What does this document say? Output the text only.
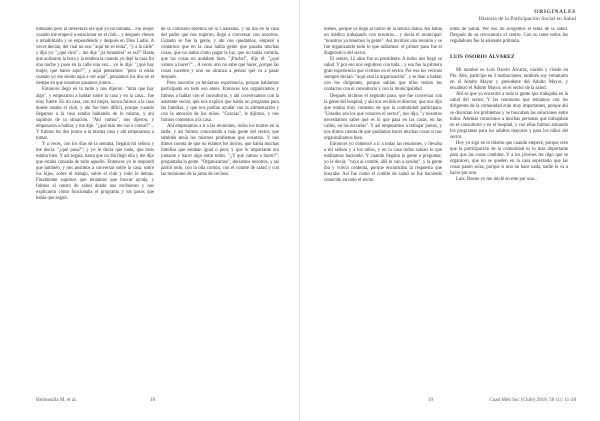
tomando pero la diferencia era que yo no tomaba... Fui mejor cuando me empecé a estacionar en el club... y después vienen a rehabilitarlo y se enpendiendo y después en Dios Ludio. A veces decían, del cual no sea: "aquí mi es tenía", "y a la calle" y dijo yo: "¿qué vino"... me dije "¿la tomadera" es así?" Hasta que acabaron la hora y la tendencia cuando yo dejé la casa fui una noche y puse en la calle una vez... yo le dije: "¿qué hay mujer, que haces aquí?", y aquí pensamos: "pero si están cuando yo me siento aquí a ver aquí", pensamos los dos en el tiempo en que nosotros pasamos juntos...

Entonces llegó en la tarde y nos dijeron: "mira que hay algo", y empezaron a hablar sobre la casa y en la casa... fue muy fuerte. En mi casa, con mi mujer, nunca fuimos a la casa donde estaba el club, y ahí fue bien difícil, porque cuando llegamos a la casa estaba hablando de lo mismo, y ahí supimos de la situación. "Ahí vamos", nos dijeron, y empezaron a hablar, y me dije: "¿qué más me vas a contar?"... Y fuimos los dos juntos a la misma casa y ahí empezamos a tomar.

Y a veces, con los días de la semana, llegaba mi señora y me decía: "¿qué pasa?"; y yo le decía que nada, que todo estaba bien. Y así seguía, hasta que un día llegó ella y me dijo que estaba cansada de todo aquello. Entonces yo le respondí que también, y nos pusimos a conversar sobre la casa, sobre los hijos, sobre el trabajo, sobre el club y todo lo demás. Finalmente supimos que teníamos que buscar ayuda, y fuimos al centro de salud donde nos recibieron y nos explicaron cómo funcionaba el programa y los pasos que había que seguir.

de la comisión bioética de la Cuaresma, y un día en la casa del padre que nos trajeron, llegó a conversar con nosotros. Cuando se fue la gente, y ahí nos quedamos, empezó a contarnos que en la casa había gente que pasaba muchas cosas, que no había cómo pagar la luz, que no había comida, que las cosas no andaban bien. "¡Pucha!", dijo él: "¿qué vamos a hacer?"... A veces uno no sabe qué hacer, porque las cosas suceden y uno no alcanza a pensar qué va a pasar después.

Pero nosotros ya teníamos experiencia, porque habíamos participado en todo eso antes. Entonces nos organizamos y fuimos a hablar con el consultorio, y ahí conversamos con la asistente social, que nos explicó que había un programa para las familias, y que nos podían ayudar con la alimentación y con la atención de los niños. "Gracias", le dijimos, y nos fuimos contentos a la casa.

Ahí empezamos a ir a las reuniones, todos los martes en la tarde, y así fuimos conociendo a más gente del sector, que también tenía los mismos problemas que nosotros. Y nos dimos cuenta de que no éramos los únicos, que había muchas familias que estaban igual o peor, y que lo importante era juntarse y hacer algo entre todos. "¿Y qué vamos a hacer?", preguntaba la gente. "Organizarnos", decíamos nosotros, y así partió todo, con la olla común, con el comité de salud y con las reuniones de la junta de vecinos.

Hermosilla M, et al.	18
ORIGINALES
Historia de la Participación Social en Salud

bienes, porque ya llegó al barrio de la señora Juana. Así había un médico trabajando con nosotros... y decía el municipal: "nosotros ya tenemos la gente". Así tuvimos una reunión y se fue organizando todo lo que sabíamos: el primer paso fue el diagnóstico del sector.

El centro, 12 años fue su presidente. A todos nos llegó su salud. Y por eso nos seguimos con toda... y esa fue la primera gran experiencia que vivimos en el sector. Por eso los vecinos siempre decían: "aquí está la organización", y se iban a hablar con los dirigentes, porque sabían que ellos tenían los contactos con el consultorio y con la municipalidad.

Después hicimos el segundo paso, que fue conversar con la gente del hospital, y ahí nos recibió el director, que nos dijo que estaba muy contento de que la comunidad participara. "Ustedes son los que conocen el sector", nos dijo, "y nosotros necesitamos saber qué es lo que pasa en las casas, en las calles, en las escuelas". Y así empezamos a trabajar juntos, y nos dimos cuenta de que podíamos hacer muchas cosas si nos organizábamos bien.

Entonces yo comencé a ir a todas las reuniones, y llevaba a mi señora y a los niños, y en la casa todos sabían lo que estábamos haciendo. Y cuando llegaba la gente a preguntar, yo le decía: "vaya al comité, allá le van a ayudar", y la gente iba y volvía contenta, porque encontraba la respuesta que buscaba. Así fue como el comité de salud se fue haciendo conocido en todo el sector.

toma de Salud. Por eso no acogemos el tema de la salud. Después de su revocatoria el centro. Con su tarea todos los reguladores fue la asistente primaria.

LUIS OSORIO ÁLVAREZ

Mi nombre es Luis Osorio Álvarez, nacido y criado en Pto. Alto, participo en 3 instituciones, también soy voluntario en el Adulto Mayor y presidente del Adulto Mayor, y encabezo el Adulto Mayor, en el sector de la salud.

Ahí es que yo encontré a toda la gente que trabajaba en la salud del sector. Y las reuniones que teníamos con los dirigentes de la comunidad eran muy importantes, porque ahí se discutían los problemas y se buscaban las soluciones entre todos. Además conocimos a muchas personas que trabajaban en el consultorio y en el hospital, y con ellas fuimos armando los programas para los adultos mayores y para los niños del sector.

Hoy yo sigo en lo mismo que cuando empecé, porque creo que la participación de la comunidad es lo más importante para que las cosas cambien. Y a los jóvenes les digo que se organicen, que no se queden en la casa esperando que las cosas pasen solas, porque si uno no hace nada, nadie lo va a hacer por uno.

Luis: Bueno yo me inicié en este por una...

19	Cuad Méd Soc (Chile) 2018, 58 (1): 11-28
